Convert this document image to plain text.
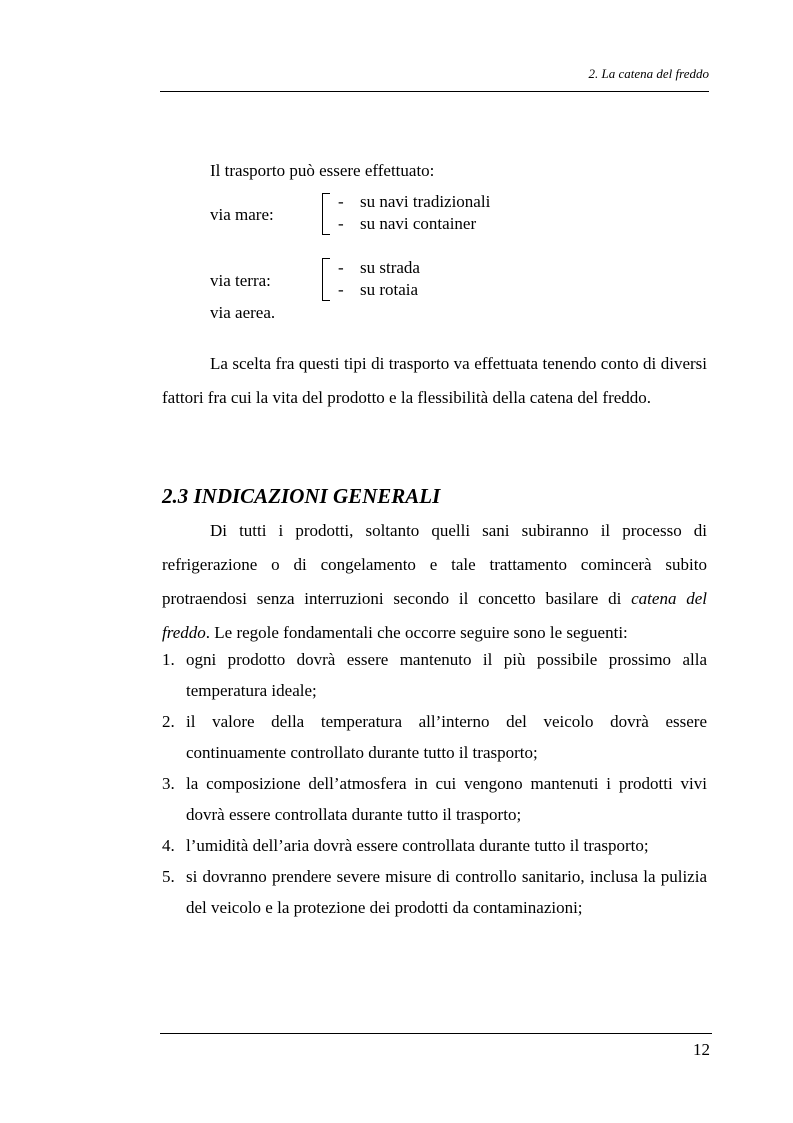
2. La catena del freddo
Il trasporto può essere effettuato:
via mare:
- su navi tradizionali
- su navi container
via terra:
- su strada
- su rotaia
via aerea.

La scelta fra questi tipi di trasporto va effettuata tenendo conto di diversi fattori fra cui la vita del prodotto e la flessibilità della catena del freddo.

2.3 INDICAZIONI GENERALI

Di tutti i prodotti, soltanto quelli sani subiranno il processo di refrigerazione o di congelamento e tale trattamento comincerà subito protraendosi senza interruzioni secondo il concetto basilare di catena del freddo. Le regole fondamentali che occorre seguire sono le seguenti:

1. ogni prodotto dovrà essere mantenuto il più possibile prossimo alla temperatura ideale;
2. il valore della temperatura all’interno del veicolo dovrà essere continuamente controllato durante tutto il trasporto;
3. la composizione dell’atmosfera in cui vengono mantenuti i prodotti vivi dovrà essere controllata durante tutto il trasporto;
4. l’umidità dell’aria dovrà essere controllata durante tutto il trasporto;
5. si dovranno prendere severe misure di controllo sanitario, inclusa la pulizia del veicolo e la protezione dei prodotti da contaminazioni;
12
